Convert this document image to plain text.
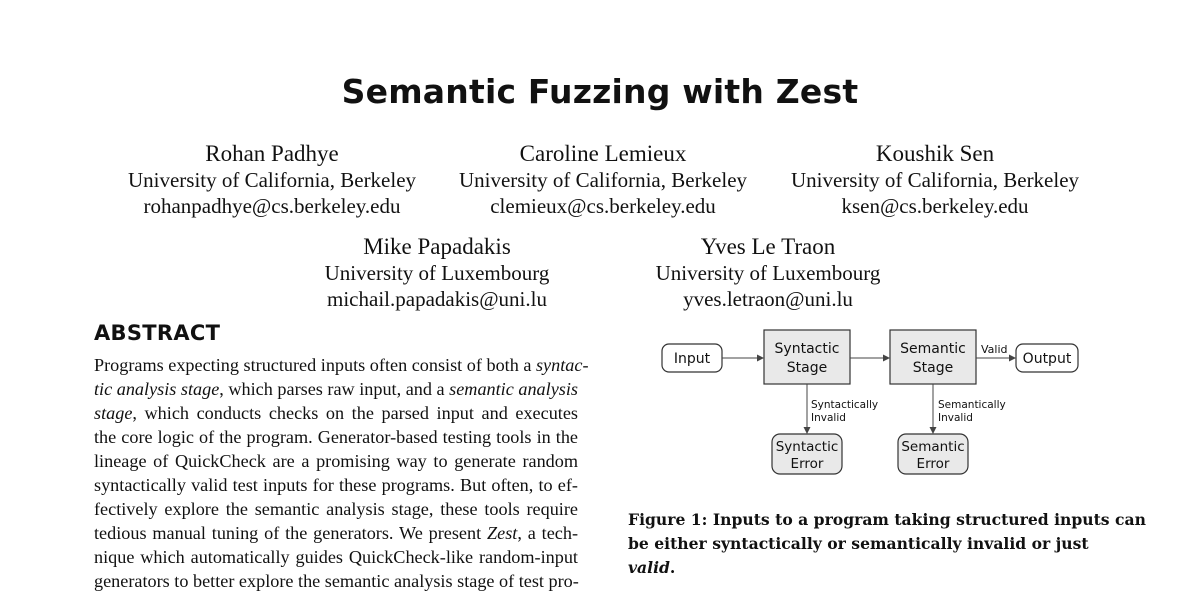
Semantic Fuzzing with Zest
Rohan Padhye
University of California, Berkeley
rohanpadhye@cs.berkeley.edu
Caroline Lemieux
University of California, Berkeley
clemieux@cs.berkeley.edu
Koushik Sen
University of California, Berkeley
ksen@cs.berkeley.edu
Mike Papadakis
University of Luxembourg
michail.papadakis@uni.lu
Yves Le Traon
University of Luxembourg
yves.letraon@uni.lu
ABSTRACT
Programs expecting structured inputs often consist of both a syntac-
tic analysis stage, which parses raw input, and a semantic analysis
stage, which conducts checks on the parsed input and executes
the core logic of the program. Generator-based testing tools in the
lineage of QuickCheck are a promising way to generate random
syntactically valid test inputs for these programs. But often, to ef-
fectively explore the semantic analysis stage, these tools require
tedious manual tuning of the generators. We present Zest, a tech-
nique which automatically guides QuickCheck-like random-input
generators to better explore the semantic analysis stage of test pro-
Input
Syntactic
Stage
Semantic
Stage
Output
Syntactic
Error
Semantic
Error
Valid
Syntactically
Invalid
Semantically
Invalid
Figure 1: Inputs to a program taking structured inputs can
be either syntactically or semantically invalid or just valid.
